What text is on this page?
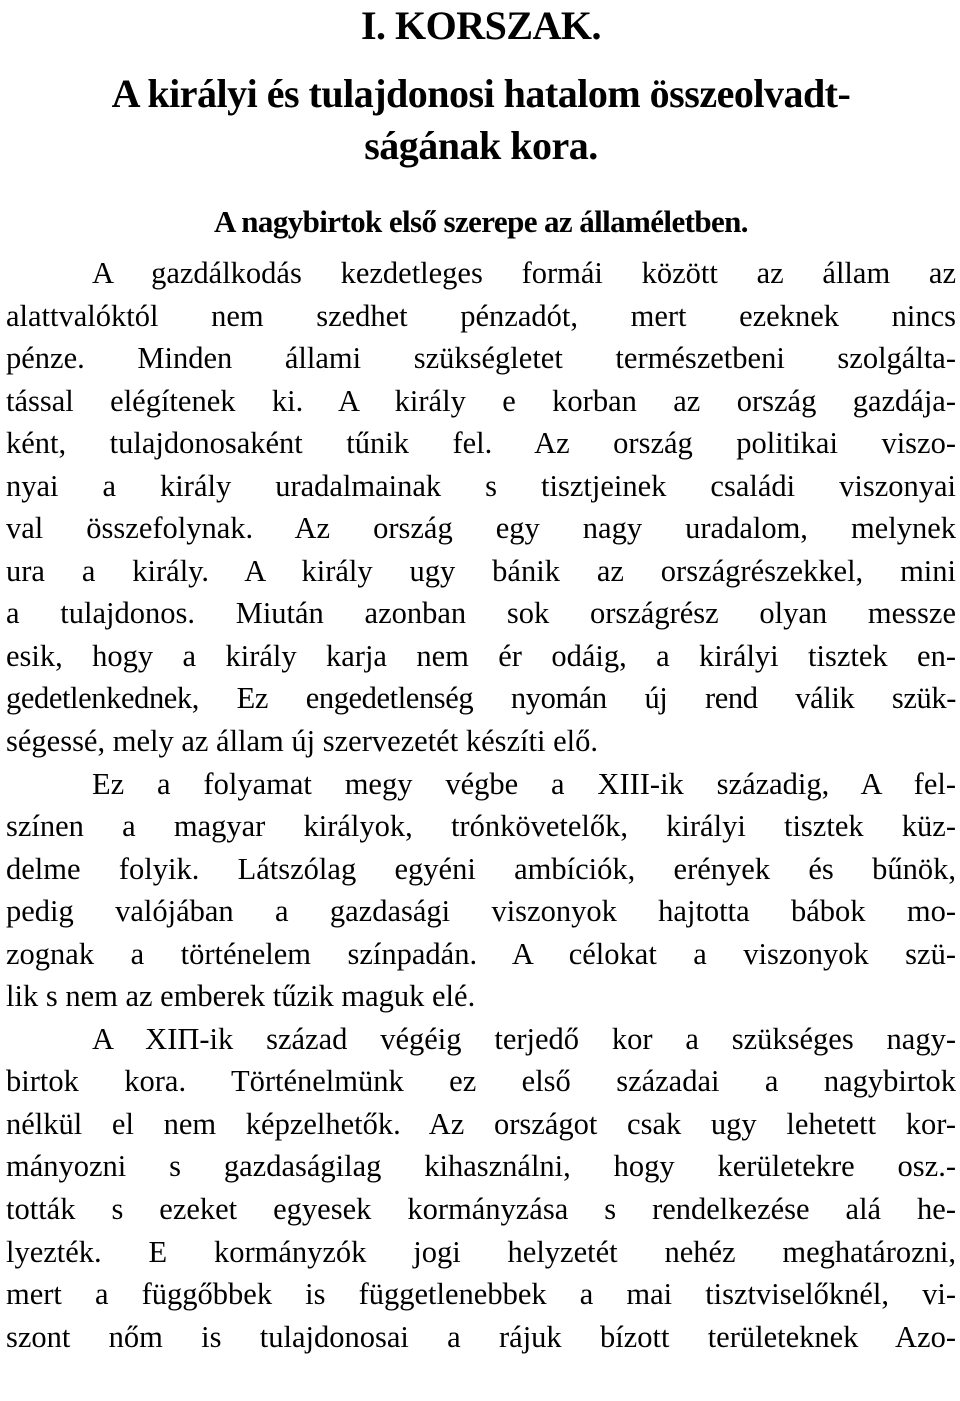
I. KORSZAK.
A királyi és tulajdonosi hatalom összeolvadt-
ságának kora.
A nagybirtok első szerepe az államéletben.
A gazdálkodás kezdetleges formái között az állam az
alattvalóktól nem szedhet pénzadót, mert ezeknek nincs
pénze. Minden állami szükségletet természetbeni szolgálta-
tással elégítenek ki. A király e korban az ország gazdája-
ként, tulajdonosaként tűnik fel. Az ország politikai viszo-
nyai a király uradalmainak s tisztjeinek családi viszonyai
val összefolynak. Az ország egy nagy uradalom, melynek
ura a király. A király ugy bánik az országrészekkel, mini
a tulajdonos. Miután azonban sok országrész olyan messze
esik, hogy a király karja nem ér odáig, a királyi tisztek en-
gedetlenkednek, Ez engedetlenség nyomán új rend válik szük-
ségessé, mely az állam új szervezetét készíti elő.
Ez a folyamat megy végbe a XIII-ik századig, A fel-
színen a magyar királyok, trónkövetelők, királyi tisztek küz-
delme folyik. Látszólag egyéni ambíciók, erények és bűnök,
pedig valójában a gazdasági viszonyok hajtotta bábok mo-
zognak a történelem színpadán. A célokat a viszonyok szü-
lik s nem az emberek tűzik maguk elé.
A XIП-ik század végéig terjedő kor a szükséges nagy-
birtok kora. Történelmünk ez első századai a nagybirtok
nélkül el nem képzelhetők. Az országot csak ugy lehetett kor-
mányozni s gazdaságilag kihasználni, hogy kerületekre osz.-
tották s ezeket egyesek kormányzása s rendelkezése alá he-
lyezték. E kormányzók jogi helyzetét nehéz meghatározni,
mert a függőbbek is függetlenebbek a mai tisztviselőknél, vi-
szont nőm is tulajdonosai a rájuk bízott területeknek Azo-
